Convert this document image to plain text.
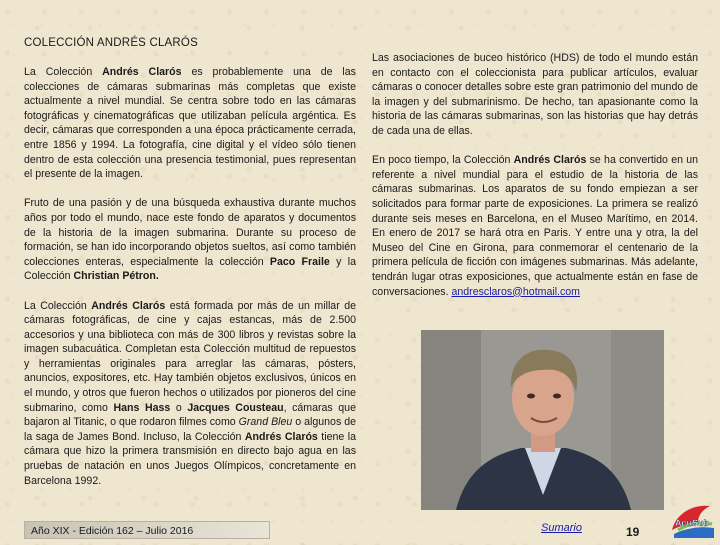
COLECCIÓN ANDRÉS CLARÓS

La Colección Andrés Clarós es probablemente una de las colecciones de cámaras submarinas más completas que existe actualmente a nivel mundial. Se centra sobre todo en las cámaras fotográficas y cinematográficas que utilizaban película argéntica. Es decir, cámaras que corresponden a una época prácticamente cerrada, entre 1856 y 1994. La fotografía, cine digital y el vídeo sólo tienen dentro de esta colección una presencia testimonial, pues representan el presente de la imagen.

Fruto de una pasión y de una búsqueda exhaustiva durante muchos años por todo el mundo, nace este fondo de aparatos y documentos de la historia de la imagen submarina. Durante su proceso de formación, se han ido incorporando objetos sueltos, así como también colecciones enteras, especialmente la colección Paco Fraile y la Colección Christian Pétron.

La Colección Andrés Clarós está formada por más de un millar de cámaras fotográficas, de cine y cajas estancas, más de 2.500 accesorios y una biblioteca con más de 300 libros y revistas sobre la imagen subacuática. Completan esta Colección multitud de repuestos y herramientas originales para arreglar las cámaras, pósters, anuncios, expositores, etc. Hay también objetos exclusivos, únicos en el mundo, y otros que fueron hechos o utilizados por pioneros del cine submarino, como Hans Hass o Jacques Cousteau, cámaras que bajaron al Titanic, o que rodaron filmes como Grand Bleu o algunos de la saga de James Bond. Incluso, la Colección Andrés Clarós tiene la cámara que hizo la primera transmisión en directo bajo agua en las pruebas de natación en unos Juegos Olímpicos, concretamente en Barcelona 1992.

Las asociaciones de buceo histórico (HDS) de todo el mundo están en contacto con el coleccionista para publicar artículos, evaluar cámaras o conocer detalles sobre este gran patrimonio del mundo de la imagen y del submarinismo. De hecho, tan apasionante como la historia de las cámaras submarinas, son las historias que hay detrás de cada una de ellas.

En poco tiempo, la Colección Andrés Clarós se ha convertido en un referente a nivel mundial para el estudio de la historia de las cámaras submarinas. Los aparatos de su fondo empiezan a ser solicitados para formar parte de exposiciones. La primera se realizó durante seis meses en Barcelona, en el Museo Marítimo, en 2014. En enero de 2017 se hará otra en Paris. Y entre una y otra, la del Museo del Cine en Girona, para conmemorar el centenario de la primera película de ficción con imágenes submarinas. Más adelante, tendrán lugar otras exposiciones, que actualmente están en fase de conversaciones. andresclaros@hotmail.com

Año XIX - Edición 162 – Julio 2016	Sumario	19
AcuSub
